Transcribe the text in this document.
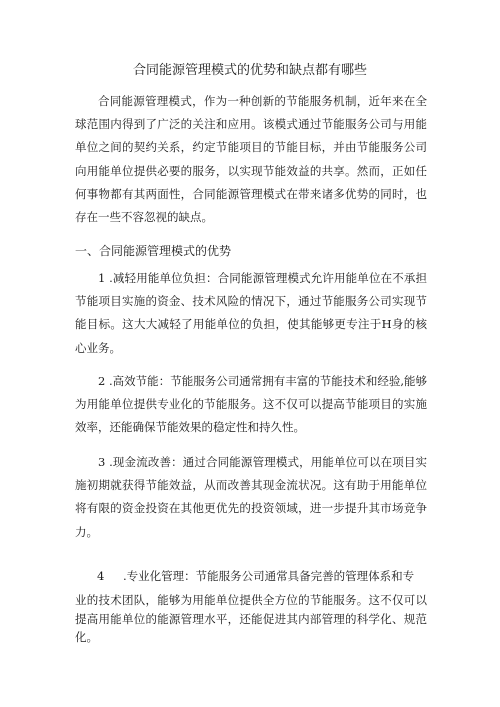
合同能源管理模式的优势和缺点都有哪些
合同能源管理模式，作为一种创新的节能服务机制，近年来在全球范围内得到了广泛的关注和应用。该模式通过节能服务公司与用能单位之间的契约关系，约定节能项目的节能目标，并由节能服务公司向用能单位提供必要的服务，以实现节能效益的共享。然而，正如任何事物都有其两面性，合同能源管理模式在带来诸多优势的同时，也存在一些不容忽视的缺点。
一、合同能源管理模式的优势
1 .减轻用能单位负担：合同能源管理模式允许用能单位在不承担节能项目实施的资金、技术风险的情况下，通过节能服务公司实现节能目标。这大大减轻了用能单位的负担，使其能够更专注于H身的核心业务。
2 .高效节能：节能服务公司通常拥有丰富的节能技术和经验,能够为用能单位提供专业化的节能服务。这不仅可以提高节能项目的实施效率，还能确保节能效果的稳定性和持久性。
3 .现金流改善：通过合同能源管理模式，用能单位可以在项目实施初期就获得节能效益，从而改善其现金流状况。这有助于用能单位将有限的资金投资在其他更优先的投资领域，进一步提升其市场竞争力。
4 .专业化管理：节能服务公司通常具备完善的管理体系和专
业的技术团队，能够为用能单位提供全方位的节能服务。这不仅可以提高用能单位的能源管理水平，还能促进其内部管理的科学化、规范化。
